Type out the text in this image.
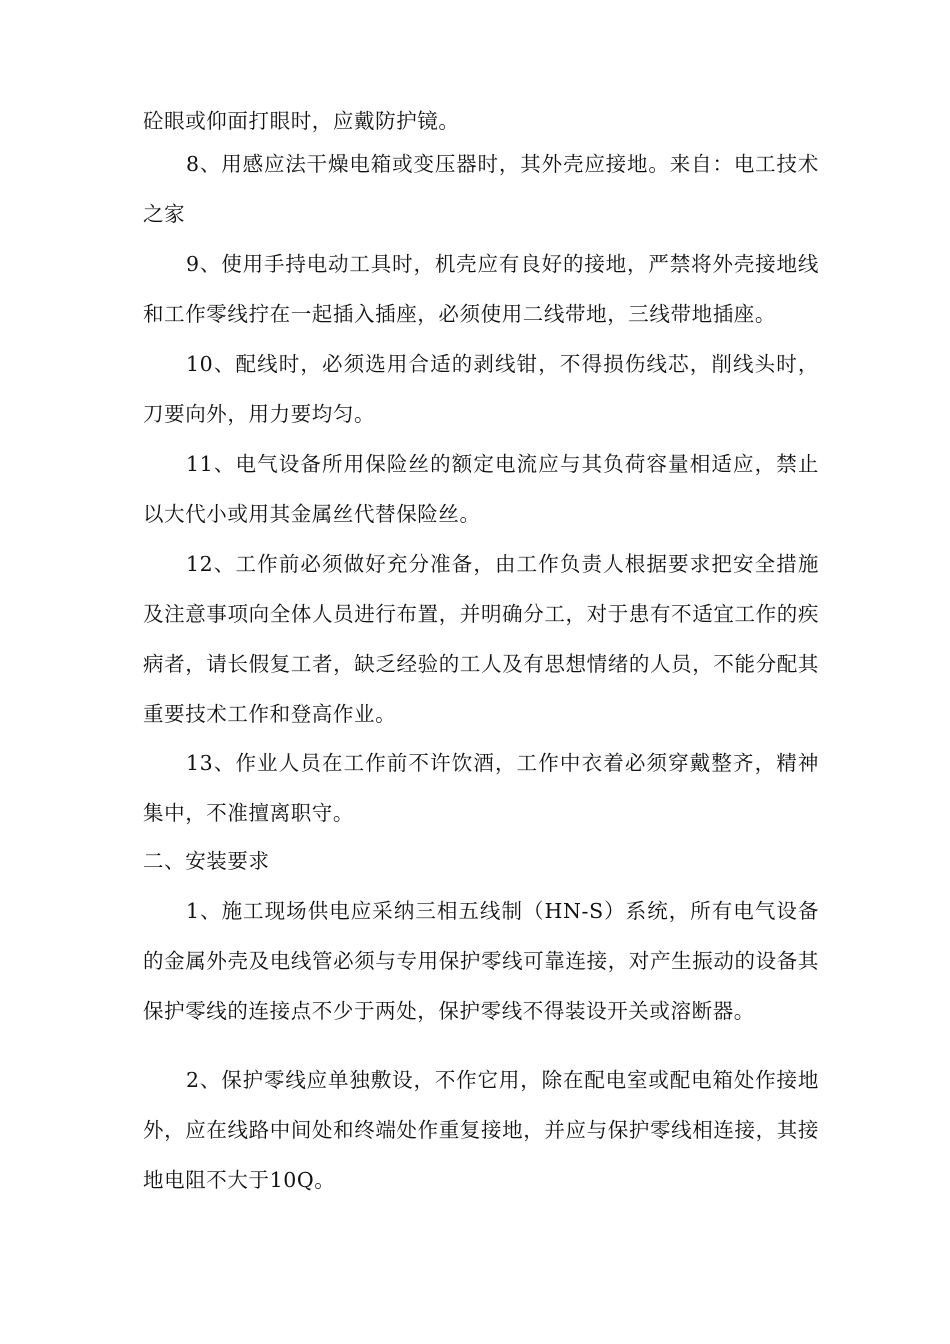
砼眼或仰面打眼时，应戴防护镜。

8、用感应法干燥电箱或变压器时，其外壳应接地。来自：电工技术之家

9、使用手持电动工具时，机壳应有良好的接地，严禁将外壳接地线和工作零线拧在一起插入插座，必须使用二线带地，三线带地插座。

10、配线时，必须选用合适的剥线钳，不得损伤线芯，削线头时，刀要向外，用力要均匀。

11、电气设备所用保险丝的额定电流应与其负荷容量相适应，禁止以大代小或用其金属丝代替保险丝。

12、工作前必须做好充分准备，由工作负责人根据要求把安全措施及注意事项向全体人员进行布置，并明确分工，对于患有不适宜工作的疾病者，请长假复工者，缺乏经验的工人及有思想情绪的人员，不能分配其重要技术工作和登高作业。

13、作业人员在工作前不许饮酒，工作中衣着必须穿戴整齐，精神集中，不准擅离职守。

二、安装要求

1、施工现场供电应采纳三相五线制（HN-S）系统，所有电气设备的金属外壳及电线管必须与专用保护零线可靠连接，对产生振动的设备其保护零线的连接点不少于两处，保护零线不得装设开关或溶断器。

2、保护零线应单独敷设，不作它用，除在配电室或配电箱处作接地外，应在线路中间处和终端处作重复接地，并应与保护零线相连接，其接地电阻不大于10Q。
